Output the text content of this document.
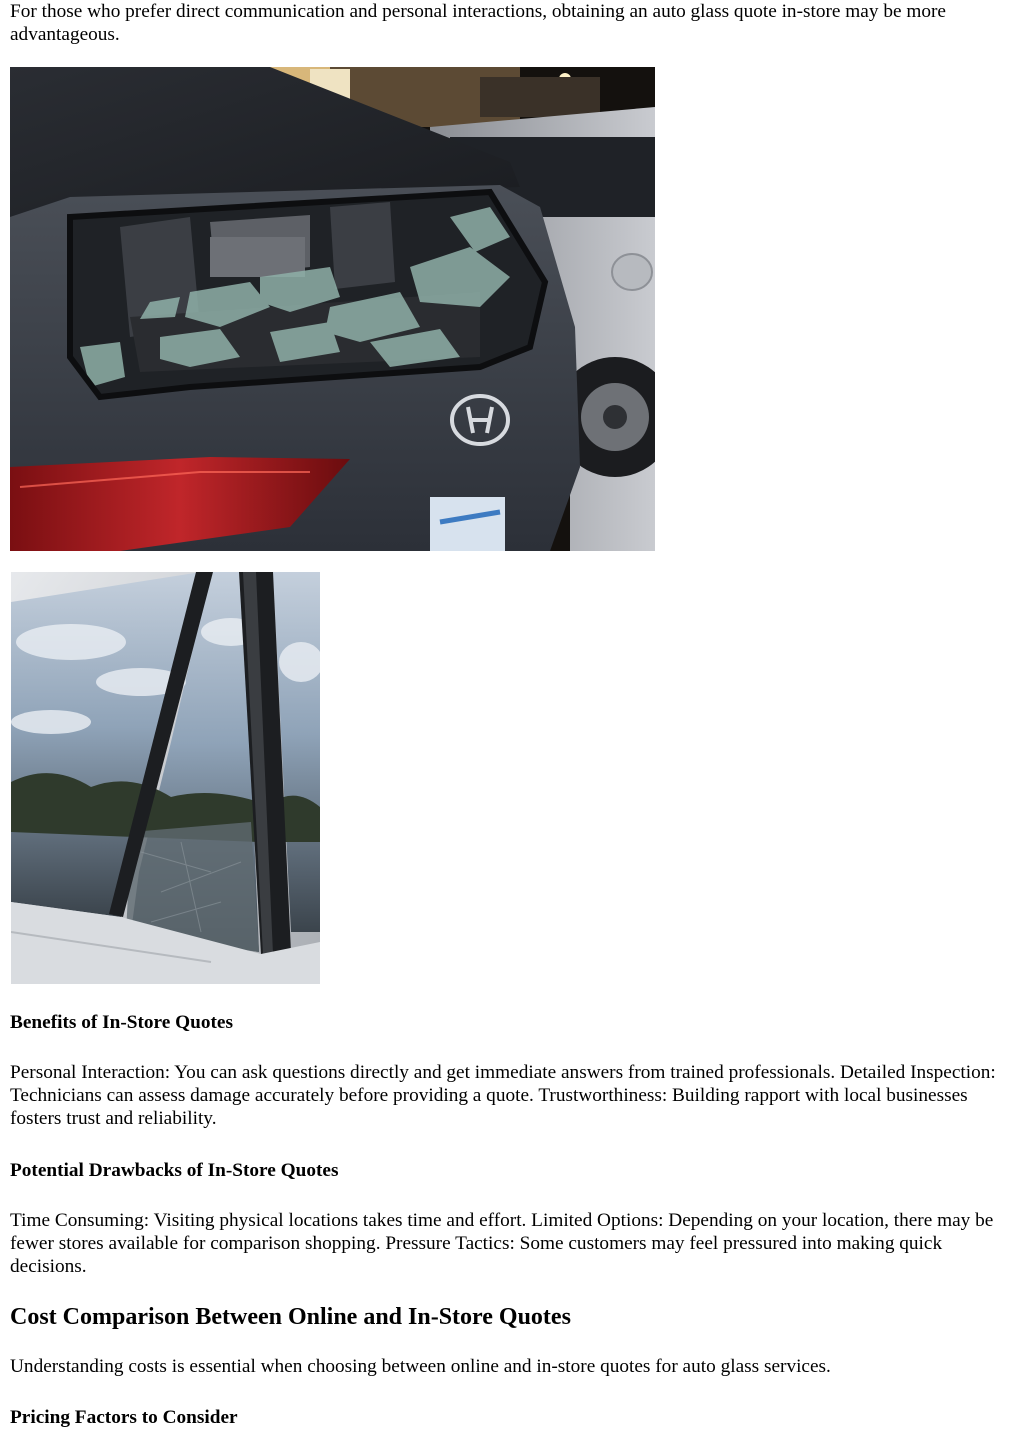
For those who prefer direct communication and personal interactions, obtaining an auto glass quote in-store may be more advantageous.

Benefits of In-Store Quotes

Personal Interaction: You can ask questions directly and get immediate answers from trained professionals. Detailed Inspection: Technicians can assess damage accurately before providing a quote. Trustworthiness: Building rapport with local businesses fosters trust and reliability.

Potential Drawbacks of In-Store Quotes

Time Consuming: Visiting physical locations takes time and effort. Limited Options: Depending on your location, there may be fewer stores available for comparison shopping. Pressure Tactics: Some customers may feel pressured into making quick decisions.

Cost Comparison Between Online and In-Store Quotes

Understanding costs is essential when choosing between online and in-store quotes for auto glass services.

Pricing Factors to Consider
